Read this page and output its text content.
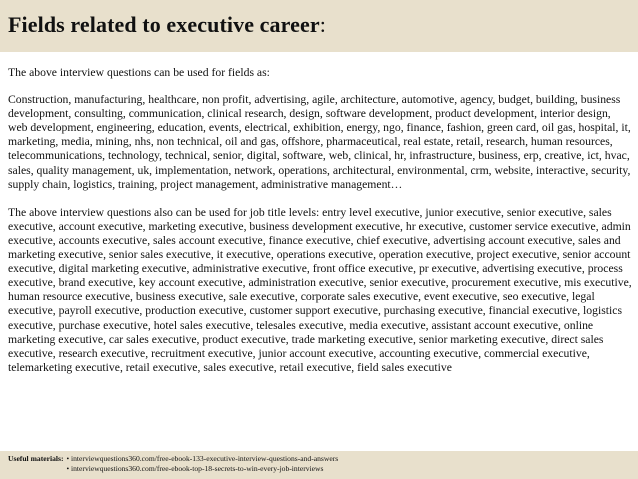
Fields related to executive career:

The above interview questions can be used for fields as:

Construction, manufacturing, healthcare, non profit, advertising, agile, architecture, automotive, agency, budget, building, business development, consulting, communication, clinical research, design, software development, product development, interior design, web development, engineering, education, events, electrical, exhibition, energy, ngo, finance, fashion, green card, oil gas, hospital, it, marketing, media, mining, nhs, non technical, oil and gas, offshore, pharmaceutical, real estate, retail, research, human resources, telecommunications, technology, technical, senior, digital, software, web, clinical, hr, infrastructure, business, erp, creative, ict, hvac, sales, quality management, uk, implementation, network, operations, architectural, environmental, crm, website, interactive, security, supply chain, logistics, training, project management, administrative management…

The above interview questions also can be used for job title levels: entry level executive, junior executive, senior executive, sales executive, account executive, marketing executive, business development executive, hr executive, customer service executive, admin executive, accounts executive, sales account executive, finance executive, chief executive, advertising account executive, sales and marketing executive, senior sales executive, it executive, operations executive, operation executive, project executive, senior account executive, digital marketing executive, administrative executive, front office executive, pr executive, advertising executive, process executive, brand executive, key account executive, administration executive, senior executive, procurement executive, mis executive, human resource executive, business executive, sale executive, corporate sales executive, event executive, seo executive, legal executive, payroll executive, production executive, customer support executive, purchasing executive, financial executive, logistics executive, purchase executive, hotel sales executive, telesales executive, media executive, assistant account executive, online marketing executive, car sales executive, product executive, trade marketing executive, senior marketing executive, direct sales executive, research executive, recruitment executive, junior account executive, accounting executive, commercial executive, telemarketing executive, retail executive, sales executive, retail executive, field sales executive

Useful materials: • interviewquestions360.com/free-ebook-133-executive-interview-questions-and-answers
• interviewquestions360.com/free-ebook-top-18-secrets-to-win-every-job-interviews
